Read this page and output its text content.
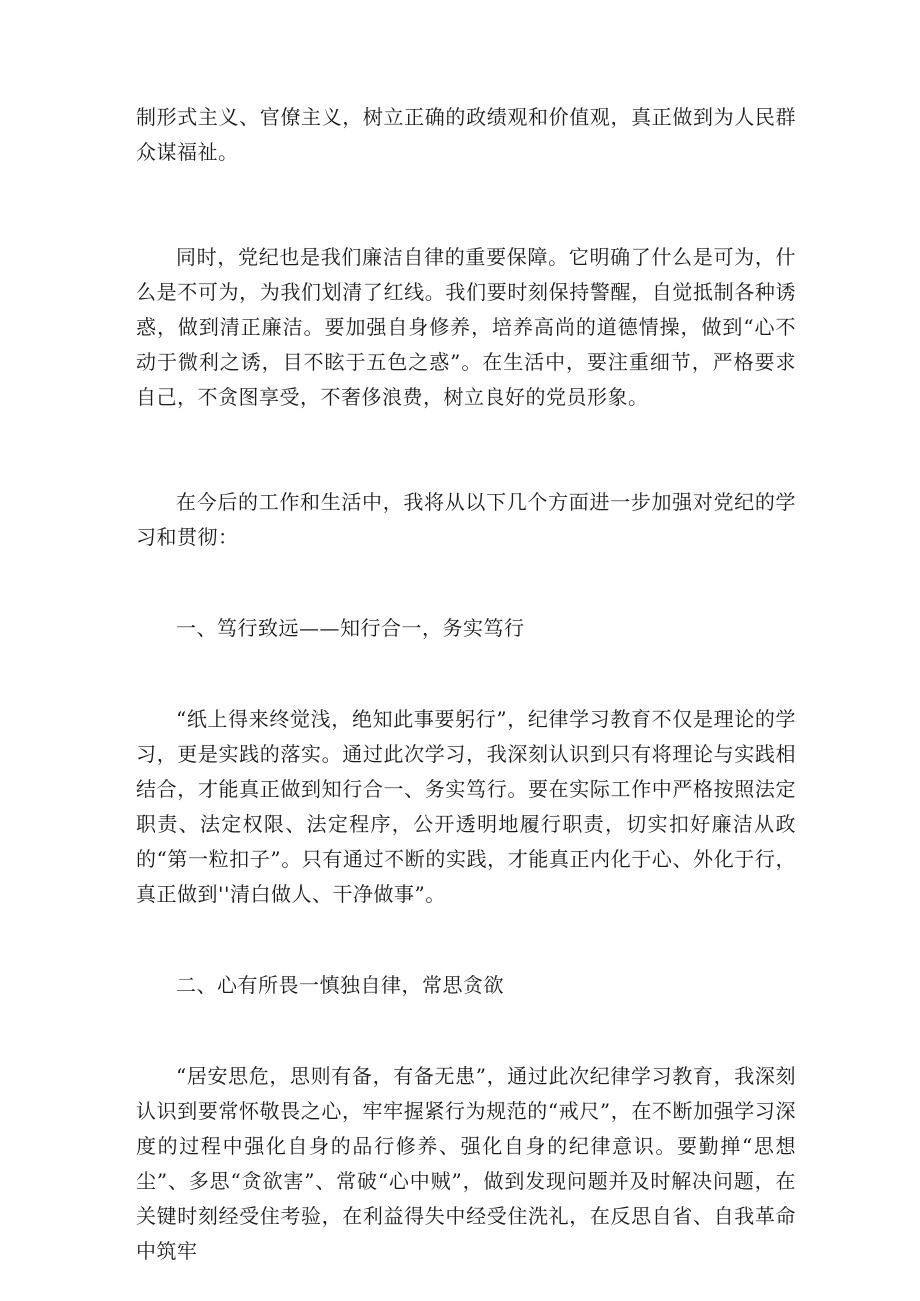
制形式主义、官僚主义，树立正确的政绩观和价值观，真正做到为人民群众谋福祉。

同时，党纪也是我们廉洁自律的重要保障。它明确了什么是可为，什么是不可为，为我们划清了红线。我们要时刻保持警醒，自觉抵制各种诱惑，做到清正廉洁。要加强自身修养，培养高尚的道德情操，做到“心不动于微利之诱，目不眩于五色之惑”。在生活中，要注重细节，严格要求自己，不贪图享受，不奢侈浪费，树立良好的党员形象。

在今后的工作和生活中，我将从以下几个方面进一步加强对党纪的学习和贯彻：

一、笃行致远——知行合一，务实笃行

“纸上得来终觉浅，绝知此事要躬行”，纪律学习教育不仅是理论的学习，更是实践的落实。通过此次学习，我深刻认识到只有将理论与实践相结合，才能真正做到知行合一、务实笃行。要在实际工作中严格按照法定职责、法定权限、法定程序，公开透明地履行职责，切实扣好廉洁从政的“第一粒扣子”。只有通过不断的实践，才能真正内化于心、外化于行，真正做到''清白做人、干净做事”。

二、心有所畏一慎独自律，常思贪欲

“居安思危，思则有备，有备无患”，通过此次纪律学习教育，我深刻认识到要常怀敬畏之心，牢牢握紧行为规范的“戒尺”，在不断加强学习深度的过程中强化自身的品行修养、强化自身的纪律意识。要勤掸“思想尘”、多思“贪欲害”、常破“心中贼”，做到发现问题并及时解决问题，在关键时刻经受住考验，在利益得失中经受住洗礼，在反思自省、自我革命中筑牢
